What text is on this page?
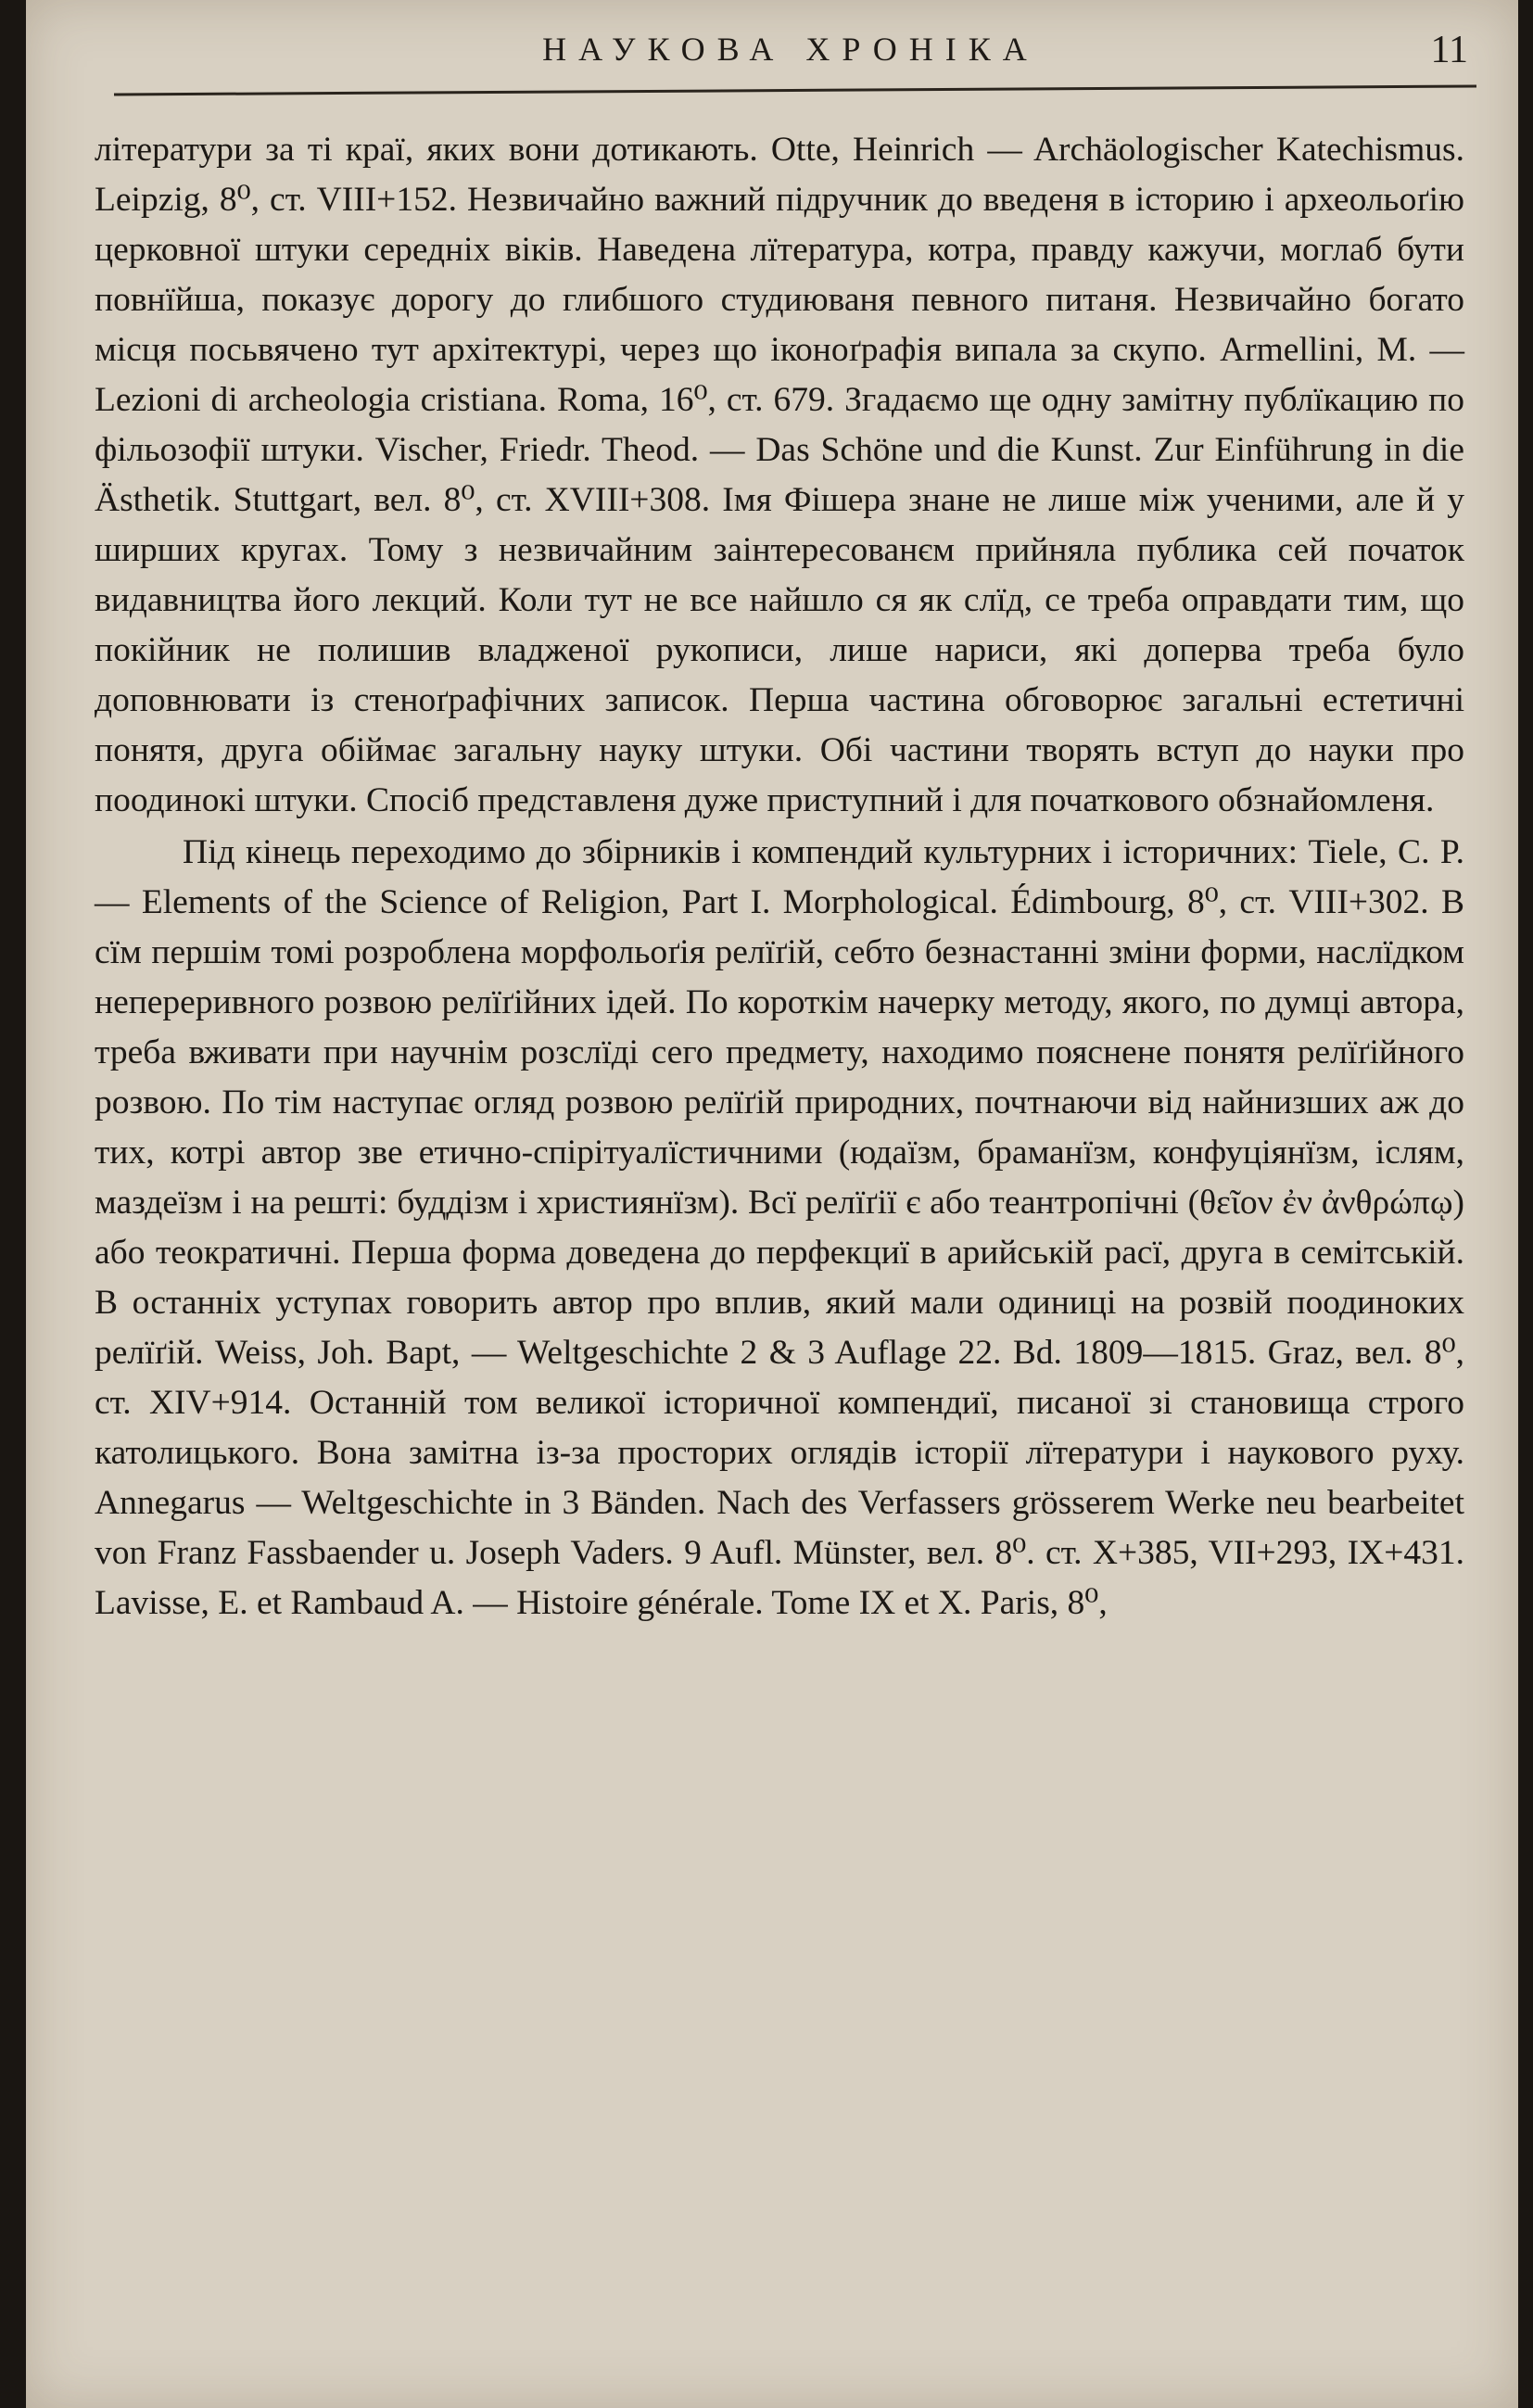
НАУКОВА ХРОНІКА	11

літератури за ті краї, яких вони дотикають. Otte, Heinrich — Archäologischer Katechismus. Leipzig, 8⁰, ст. VIII+152. Незвичайно важний підручник до введеня в історию і археольоґію церковної штуки середніх віків. Наведена лїтература, котра, правду кажучи, моглаб бути повнїйша, показує дорогу до глибшого студиюваня певного питаня. Незвичайно богато місця посьвячено тут архітектурі, через що іконоґрафія випала за скупо. Armellini, M. — Lezioni di archeologia cristiana. Roma, 16⁰, ст. 679. Згадаємо ще одну замітну публїкацию по фільозофії штуки. Vischer, Friedr. Theod. — Das Schöne und die Kunst. Zur Einführung in die Ästhetik. Stuttgart, вел. 8⁰, ст. XVIII+308. Імя Фішера знане не лише між ученими, але й у ширших кругах. Тому з незвичайним заінтересованєм прийняла публика сей початок видавництва його лекций. Коли тут не все найшло ся як слїд, се треба оправдати тим, що покійник не полишив владженої рукописи, лише нариси, які доперва треба було доповнювати із стеноґрафічних записок. Перша частина обговорює загальні естетичні понятя, друга обіймає загальну науку штуки. Обі частини творять вступ до науки про поодинокі штуки. Спосіб представленя дуже приступний і для початкового обзнайомленя.

Під кінець переходимо до збірників і компендий культурних і історичних: Tiele, C. P. — Elements of the Science of Religion, Part I. Morphological. Édimbourg, 8⁰, ст. VIII+302. В сїм першім томі розроблена морфольоґія релїґій, себто безнастанні зміни форми, наслїдком непереривного розвою релїґійних ідей. По короткім начерку методу, якого, по думці автора, треба вживати при научнім розслїді сего предмету, находимо пояснене понятя релїґійного розвою. По тім наступає огляд розвою релїґій природних, почтнаючи від найнизших аж до тих, котрі автор зве етично-спірітуалїстичними (юдаїзм, браманїзм, конфуціянїзм, іслям, маздеїзм і на решті: буддізм і християнїзм). Всї релїґії є або теантропічні (θεῖον ἐν ἀνθρώπῳ) або теократичні. Перша форма доведена до перфекциї в арийській расї, друга в семітській. В останніх уступах говорить автор про вплив, який мали одиниці на розвій поодиноких релїґій. Weiss, Joh. Bapt, — Weltgeschichte 2 & 3 Auflage 22. Bd. 1809—1815. Graz, вел. 8⁰, ст. XIV+914. Останній том великої історичної компендиї, писаної зі становища строго католицького. Вона замітна із-за просторих оглядів історії лїтератури і наукового руху. Annegarus — Weltgeschichte in 3 Bänden. Nach des Verfassers grösserem Werke neu bearbeitet von Franz Fassbaender u. Joseph Vaders. 9 Aufl. Münster, вел. 8⁰. ст. X+385, VII+293, IX+431. Lavisse, E. et Rambaud A. — Histoire générale. Tome IX et X. Paris, 8⁰,
